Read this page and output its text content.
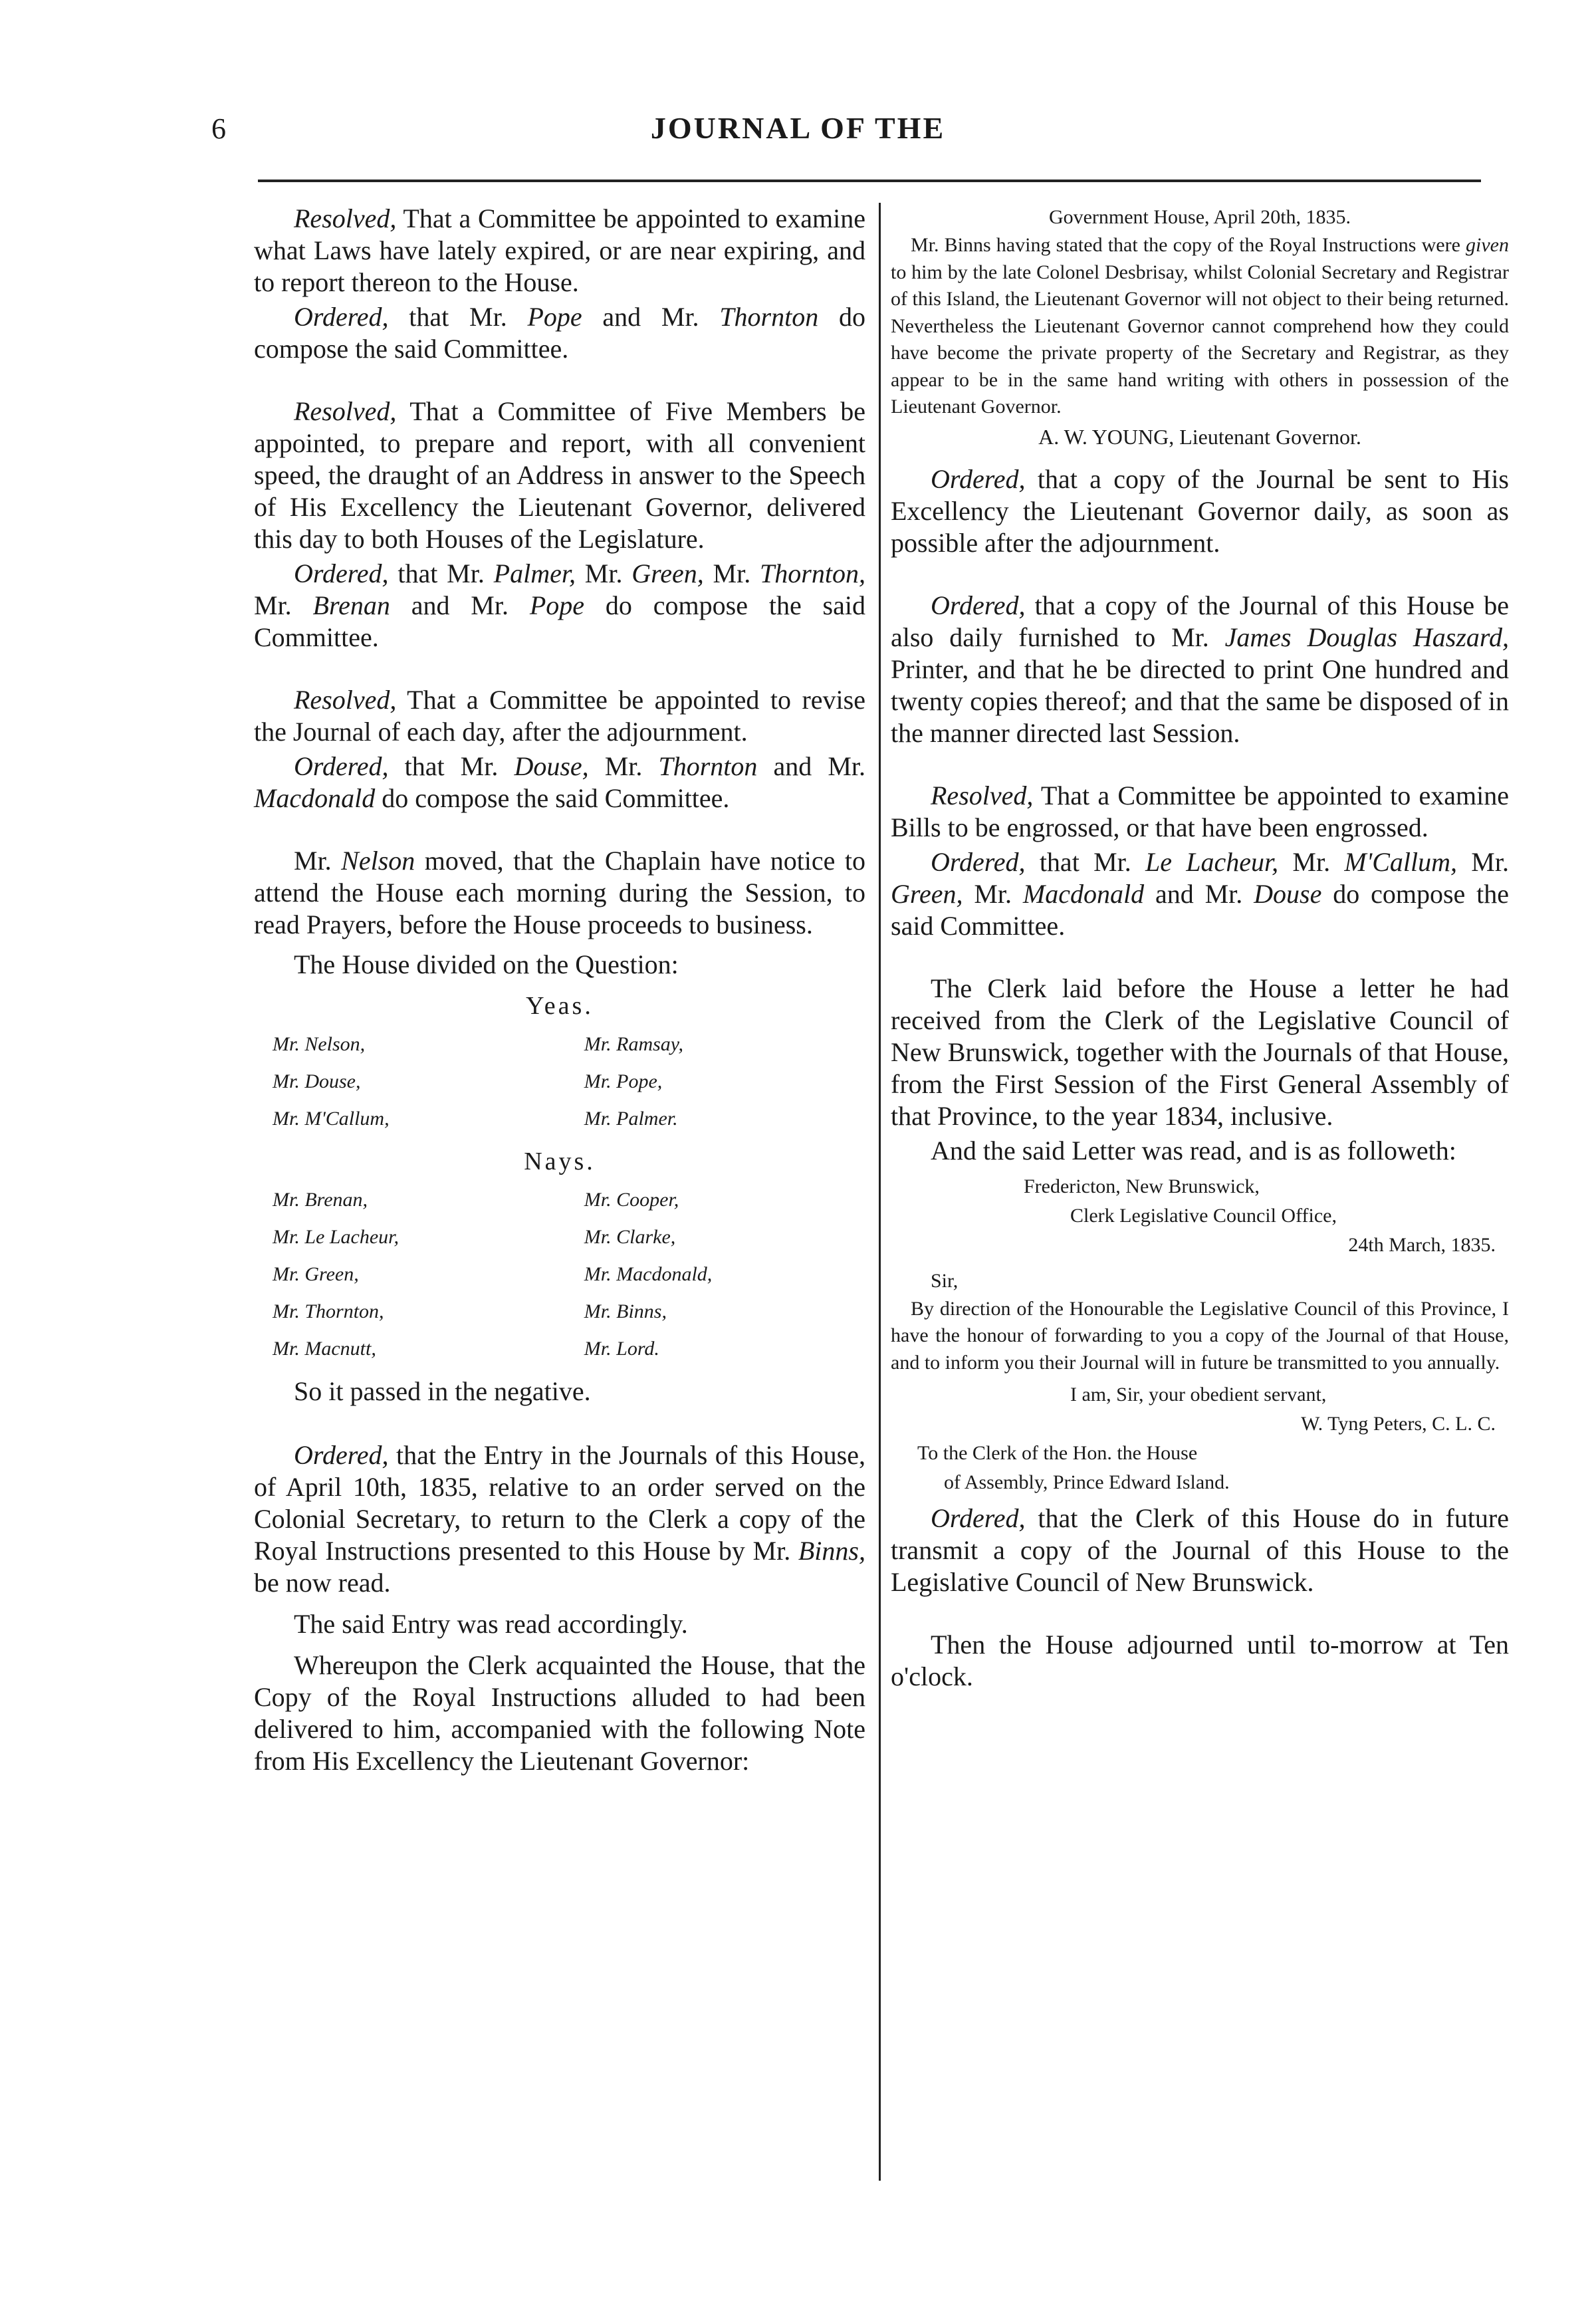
6	JOURNAL OF THE

Resolved, That a Committee be appointed to examine what Laws have lately expired, or are near expiring, and to report thereon to the House.

Ordered, that Mr. Pope and Mr. Thornton do compose the said Committee.

Resolved, That a Committee of Five Members be appointed, to prepare and report, with all convenient speed, the draught of an Address in answer to the Speech of His Excellency the Lieutenant Governor, delivered this day to both Houses of the Legislature.

Ordered, that Mr. Palmer, Mr. Green, Mr. Thornton, Mr. Brenan and Mr. Pope do compose the said Committee.

Resolved, That a Committee be appointed to revise the Journal of each day, after the adjournment.

Ordered, that Mr. Douse, Mr. Thornton and Mr. Macdonald do compose the said Committee.

Mr. Nelson moved, that the Chaplain have notice to attend the House each morning during the Session, to read Prayers, before the House proceeds to business.

The House divided on the Question:

Yeas.
Mr. Nelson,	Mr. Ramsay,
Mr. Douse,	Mr. Pope,
Mr. M'Callum,	Mr. Palmer.
Nays.
Mr. Brenan,	Mr. Cooper,
Mr. Le Lacheur,	Mr. Clarke,
Mr. Green,	Mr. Macdonald,
Mr. Thornton,	Mr. Binns,
Mr. Macnutt,	Mr. Lord.

So it passed in the negative.

Ordered, that the Entry in the Journals of this House, of April 10th, 1835, relative to an order served on the Colonial Secretary, to return to the Clerk a copy of the Royal Instructions presented to this House by Mr. Binns, be now read.

The said Entry was read accordingly.

Whereupon the Clerk acquainted the House, that the Copy of the Royal Instructions alluded to had been delivered to him, accompanied with the following Note from His Excellency the Lieutenant Governor:

Government House, April 20th, 1835.

Mr. Binns having stated that the copy of the Royal Instructions were given to him by the late Colonel Desbrisay, whilst Colonial Secretary and Registrar of this Island, the Lieutenant Governor will not object to their being returned. Nevertheless the Lieutenant Governor cannot comprehend how they could have become the private property of the Secretary and Registrar, as they appear to be in the same hand writing with others in possession of the Lieutenant Governor.

A. W. YOUNG, Lieutenant Governor.

Ordered, that a copy of the Journal be sent to His Excellency the Lieutenant Governor daily, as soon as possible after the adjournment.

Ordered, that a copy of the Journal of this House be also daily furnished to Mr. James Douglas Haszard, Printer, and that he be directed to print One hundred and twenty copies thereof; and that the same be disposed of in the manner directed last Session.

Resolved, That a Committee be appointed to examine Bills to be engrossed, or that have been engrossed.

Ordered, that Mr. Le Lacheur, Mr. M'Callum, Mr. Green, Mr. Macdonald and Mr. Douse do compose the said Committee.

The Clerk laid before the House a letter he had received from the Clerk of the Legislative Council of New Brunswick, together with the Journals of that House, from the First Session of the First General Assembly of that Province, to the year 1834, inclusive.

And the said Letter was read, and is as followeth:

Fredericton, New Brunswick,

Clerk Legislative Council Office,

24th March, 1835.

Sir,

By direction of the Honourable the Legislative Council of this Province, I have the honour of forwarding to you a copy of the Journal of that House, and to inform you their Journal will in future be transmitted to you annually.

I am, Sir, your obedient servant,

W. Tyng Peters, C. L. C.

To the Clerk of the Hon. the House

of Assembly, Prince Edward Island.

Ordered, that the Clerk of this House do in future transmit a copy of the Journal of this House to the Legislative Council of New Brunswick.

Then the House adjourned until to-morrow at Ten o'clock.
